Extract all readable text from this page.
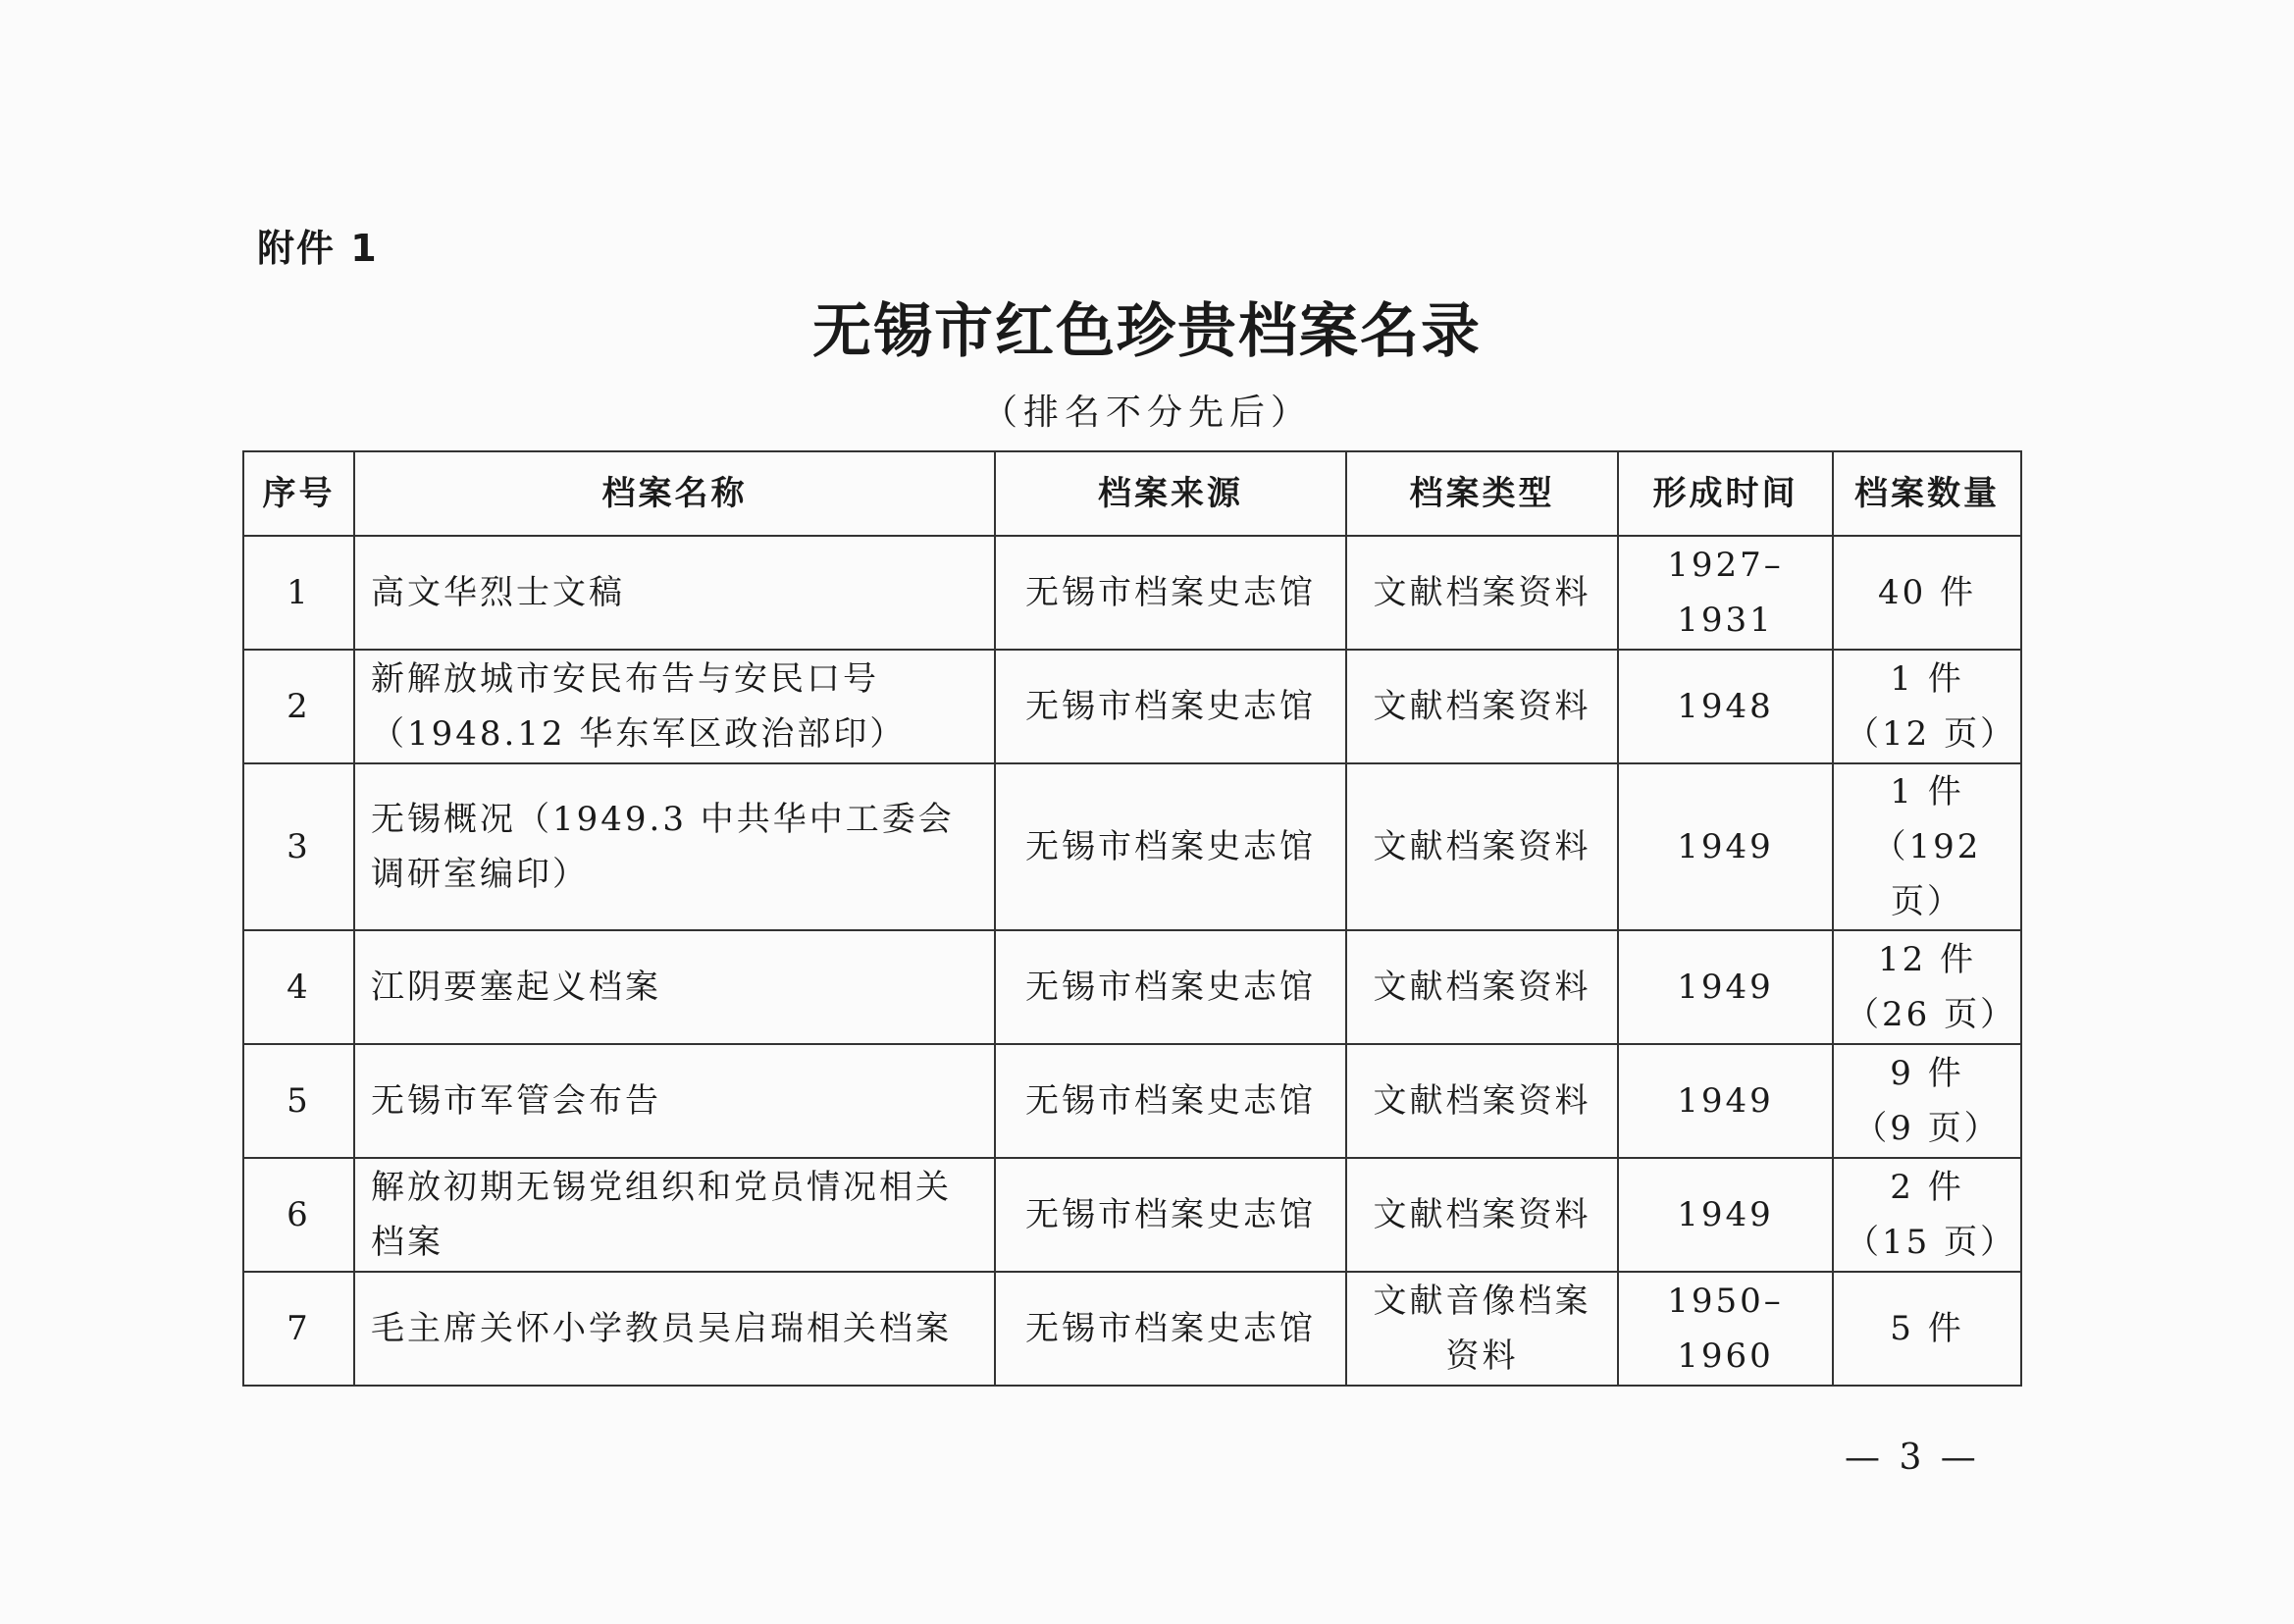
附件 1
无锡市红色珍贵档案名录
（排名不分先后）
序号	档案名称	档案来源	档案类型	形成时间	档案数量
1	高文华烈士文稿	无锡市档案史志馆	文献档案资料	1927–1931	40 件

2	新解放城市安民布告与安民口号（1948.12 华东军区政治部印）	无锡市档案史志馆	文献档案资料	1948	1 件
（12 页）

3	无锡概况（1949.3 中共华中工委会调研室编印）	无锡市档案史志馆	文献档案资料	1949	1 件
（192 页）

4	江阴要塞起义档案	无锡市档案史志馆	文献档案资料	1949	12 件
（26 页）

5	无锡市军管会布告	无锡市档案史志馆	文献档案资料	1949	9 件
（9 页）

6	解放初期无锡党组织和党员情况相关档案	无锡市档案史志馆	文献档案资料	1949	2 件
（15 页）

7	毛主席关怀小学教员吴启瑞相关档案	无锡市档案史志馆	文献音像档案资料	1950–1960	5 件
— 3 —
